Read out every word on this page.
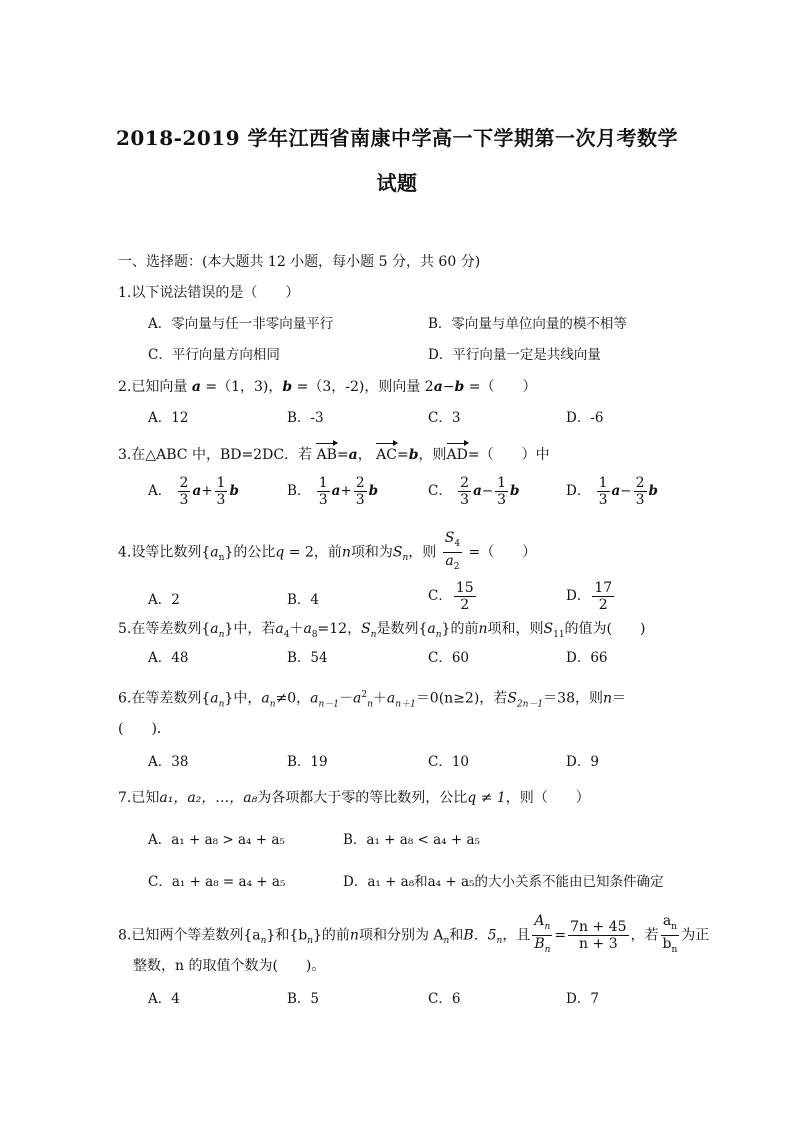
2018-2019 学年江西省南康中学高一下学期第一次月考数学
试题
一、选择题：(本大题共 12 小题，每小题 5 分，共 60 分)
1.以下说法错误的是（　　）
A．零向量与任一非零向量平行	B．零向量与单位向量的模不相等
C．平行向量方向相同	D．平行向量一定是共线向量
2.已知向量 a =（1，3)，b =（3，-2)，则向量 2a−b =（　　）
A．12	B．-3	C．3	D．-6
3.在△ABC 中，BD=2DC．若 AB=a， AC=b，则AD=（　　）中
A． $\frac{2}{3} a+ \frac{1}{3}$ b	B． $\frac{1}{3} a+ \frac{2}{3}$ b	C． $\frac{2}{3} a- \frac{1}{3}$ b	D． $\frac{1}{3} a- \frac{2}{3}$ b
4.设等比数列$\{a_n\}$的公比q = 2，前n项和为$S_n$，则 $\frac{S_4}{a_2}$ =（　　）
A．2	B．4	C． $\frac{15}{2}$	D． $\frac{17}{2}$
5.在等差数列$\{a_n\}$中，若$a_4+a_8=12$，$S_n$是数列$\{a_n\}$的前n项和，则$S_{11}$的值为(　　)
A．48	B．54	C．60	D．66
6.在等差数列$\{a_n\}$中，$a_n\ne 0$，$a_{n-1}-a^2_n+a_{n+1}=0(n\ge 2)$，若$S_{2n-1}=38$，则n＝
(　　)．
A．38	B．19	C．10	D．9
7.已知a₁，a₂，…，a₈为各项都大于零的等比数列，公比q ≠ 1，则（　　）
A．a₁ + a₈ > a₄ + a₅	B．a₁ + a₈ < a₄ + a₅
C．a₁ + a₈ = a₄ + a₅	D．a₁ + a₈和a₄ + a₅的大小关系不能由已知条件确定
8.已知两个等差数列$\{a_n\}$和$\{b_n\}$的前n项和分别为 $A_n$和B．$5_n$，且 $\frac{A_n}{B_n} = \frac{7n + 45}{n + 3}$ ，若 $\frac{a_n}{b_n}$ 为正
整数，n 的取值个数为(　　)。
A．4	B．5	C．6	D．7
